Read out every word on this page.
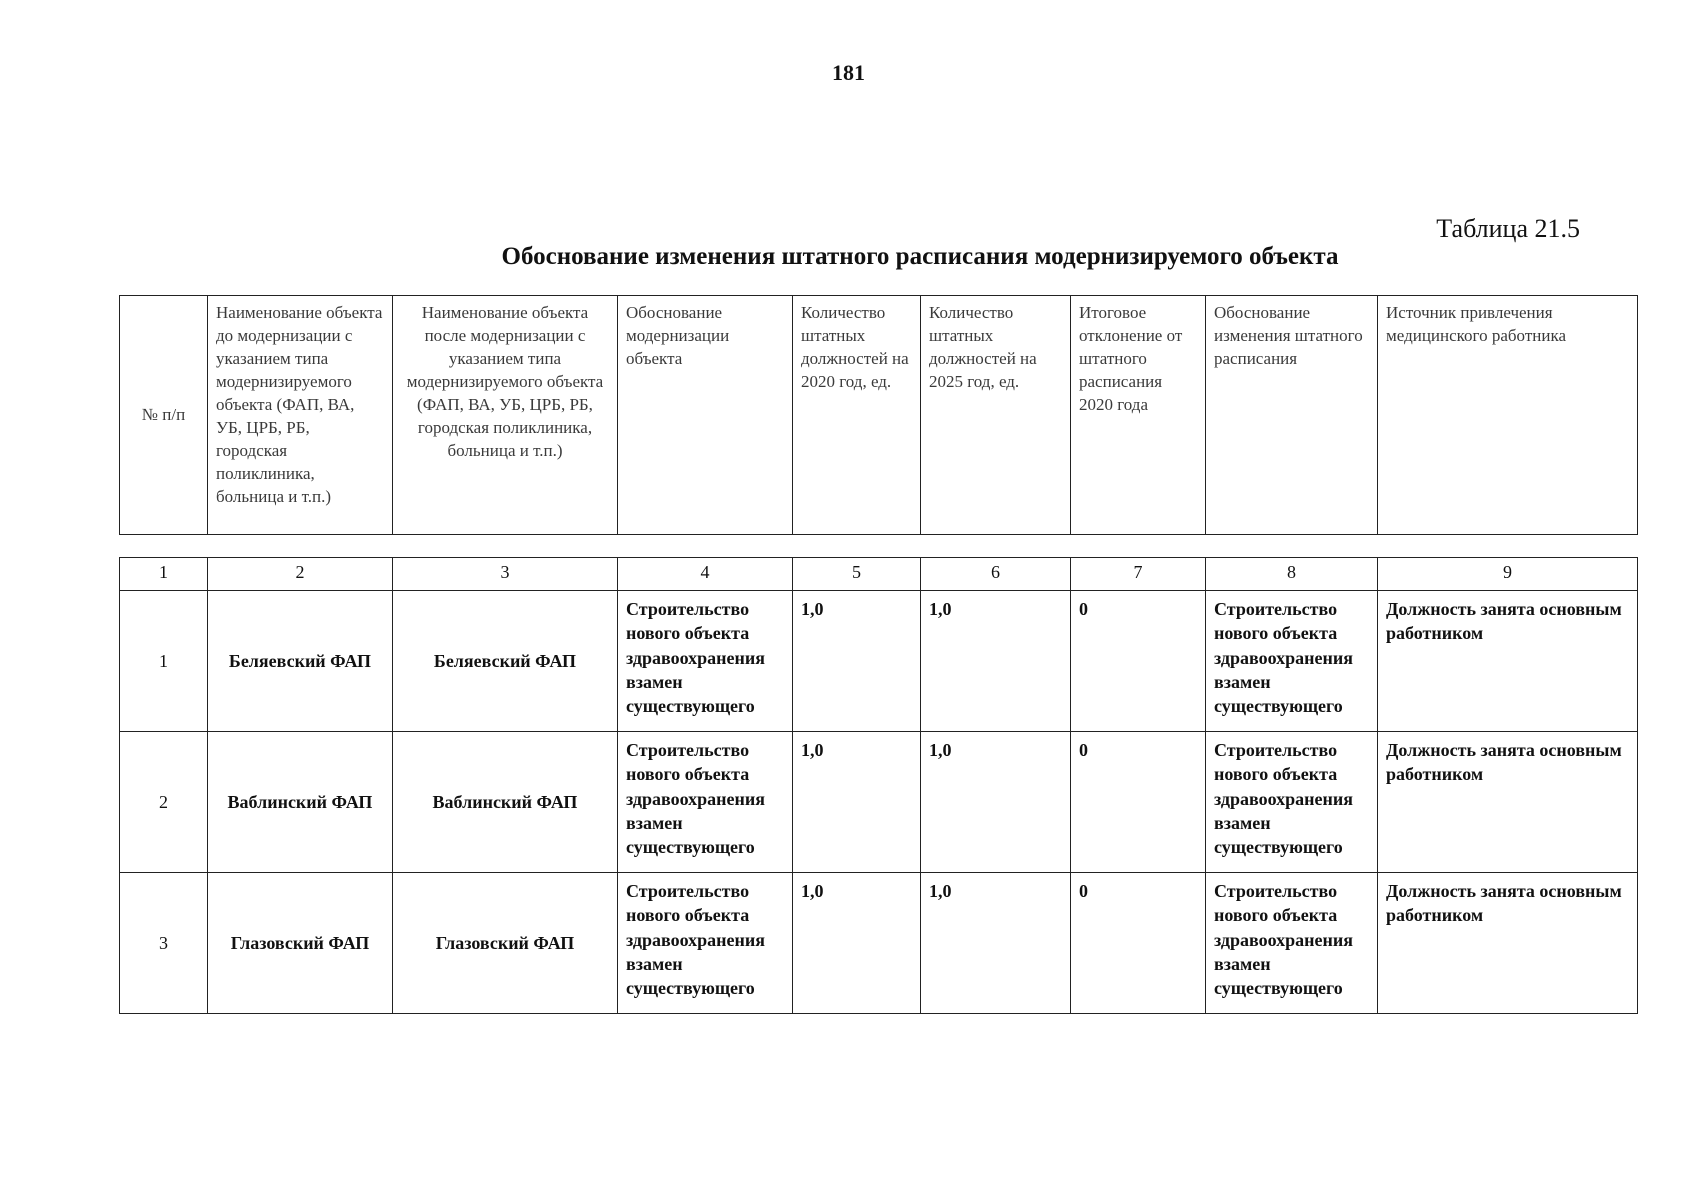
181
Таблица 21.5
Обоснование изменения штатного расписания модернизируемого объекта
№ п/п	Наименование объекта до модернизации с указанием типа модернизируемого объекта (ФАП, ВА, УБ, ЦРБ, РБ, городская поликлиника, больница и т.п.)	Наименование объекта после модернизации с указанием типа модернизируемого объекта (ФАП, ВА, УБ, ЦРБ, РБ, городская поликлиника, больница и т.п.)	Обоснование модернизации объекта	Количество штатных должностей на 2020 год, ед.	Количество штатных должностей на 2025 год, ед.	Итоговое отклонение от штатного расписания 2020 года	Обоснование изменения штатного расписания	Источник привлечения медицинского работника
1	2	3	4	5	6	7	8	9
1	Беляевский ФАП	Беляевский ФАП	Строительство нового объекта здравоохранения взамен существующего	1,0	1,0	0	Строительство нового объекта здравоохранения взамен существующего	Должность занята основным работником
2	Ваблинский ФАП	Ваблинский ФАП	Строительство нового объекта здравоохранения взамен существующего	1,0	1,0	0	Строительство нового объекта здравоохранения взамен существующего	Должность занята основным работником
3	Глазовский ФАП	Глазовский ФАП	Строительство нового объекта здравоохранения взамен существующего	1,0	1,0	0	Строительство нового объекта здравоохранения взамен существующего	Должность занята основным работником
